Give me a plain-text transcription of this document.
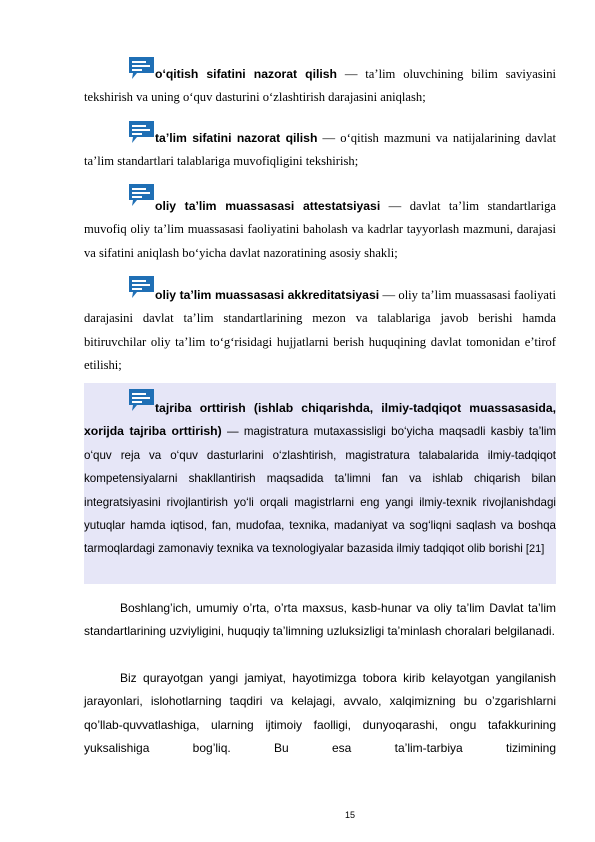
o‘qitish sifatini nazorat qilish — ta’lim oluvchining bilim saviyasini tekshirish va uning o‘quv dasturini o‘zlashtirish darajasini aniqlash;

ta’lim sifatini nazorat qilish — o‘qitish mazmuni va natijalarining davlat ta’lim standartlari talablariga muvofiqligini tekshirish;

oliy ta’lim muassasasi attestatsiyasi — davlat ta’lim standartlariga muvofiq oliy ta’lim muassasasi faoliyatini baholash va kadrlar tayyorlash mazmuni, darajasi va sifatini aniqlash bo‘yicha davlat nazoratining asosiy shakli;

oliy ta’lim muassasasi akkreditatsiyasi — oliy ta’lim muassasasi faoliyati darajasini davlat ta’lim standartlarining mezon va talablariga javob berishi hamda bitiruvchilar oliy ta’lim to‘g‘risidagi hujjatlarni berish huquqining davlat tomonidan e’tirof etilishi;

tajriba orttirish (ishlab chiqarishda, ilmiy-tadqiqot muassasasida, xorijda tajriba orttirish) — magistratura mutaxassisligi bo‘yicha maqsadli kasbiy ta’lim o‘quv reja va o‘quv dasturlarini o‘zlashtirish, magistratura talabalarida ilmiy-tadqiqot kompetensiyalarni shakllantirish maqsadida ta’limni fan va ishlab chiqarish bilan integratsiyasini rivojlantirish yo‘li orqali magistrlarni eng yangi ilmiy-texnik rivojlanishdagi yutuqlar hamda iqtisod, fan, mudofaa, texnika, madaniyat va sog‘liqni saqlash va boshqa tarmoqlardagi zamonaviy texnika va texnologiyalar bazasida ilmiy tadqiqot olib borishi [21]

Boshlang’ich, umumiy o’rta, o’rta maxsus, kasb-hunar va oliy ta’lim Davlat ta’lim standartlarining uzviyligini, huquqiy ta’limning uzluksizligi ta’minlash choralari belgilanadi.

Biz qurayotgan yangi jamiyat, hayotimizga tobora kirib kelayotgan yangilanish jarayonlari, islohotlarning taqdiri va kelajagi, avvalo, xalqimizning bu o’zgarishlarni qo’llab-quvvatlashiga, ularning ijtimoiy faolligi, dunyoqarashi, ongu tafakkurining yuksalishiga bog’liq. Bu esa ta’lim-tarbiya tizimining

15
